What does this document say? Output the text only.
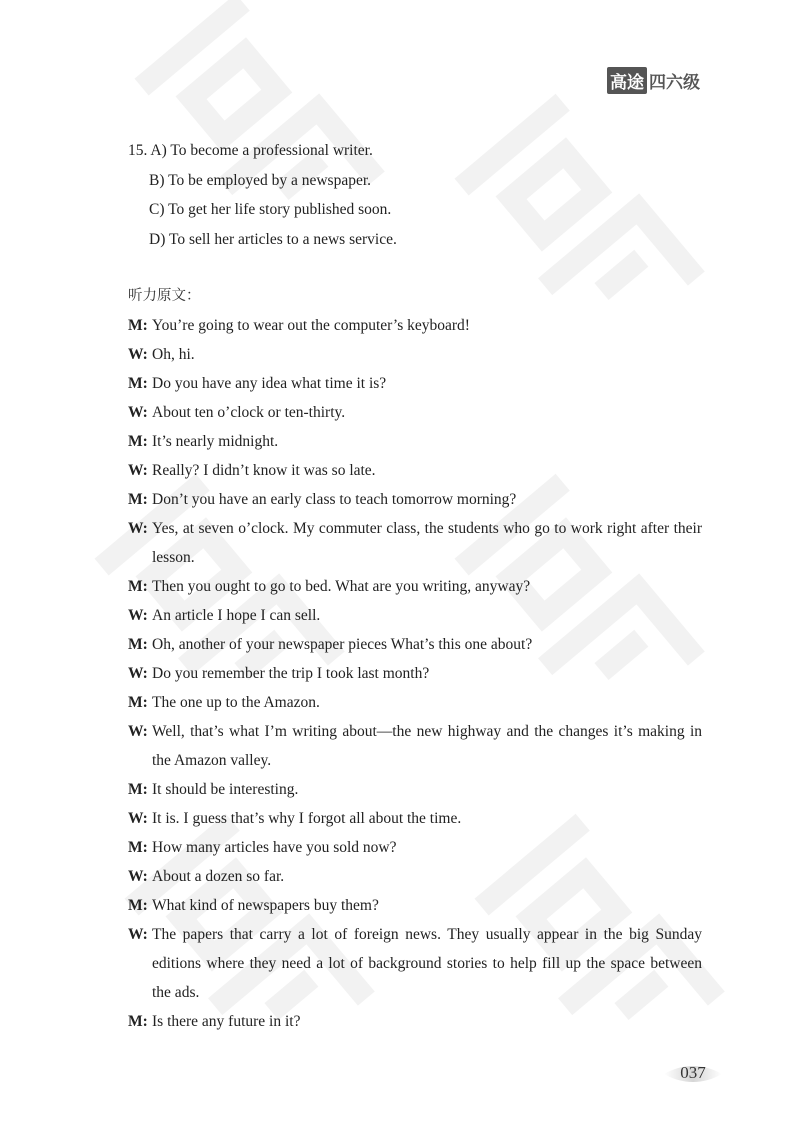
高途 四六级
15. A) To become a professional writer.
B) To be employed by a newspaper.
C) To get her life story published soon.
D) To sell her articles to a news service.
听力原文：
M: You’re going to wear out the computer’s keyboard!
W: Oh, hi.
M: Do you have any idea what time it is?
W: About ten o’clock or ten-thirty.
M: It’s nearly midnight.
W: Really? I didn’t know it was so late.
M: Don’t you have an early class to teach tomorrow morning?
W: Yes, at seven o’clock. My commuter class, the students who go to work right after their lesson.
M: Then you ought to go to bed. What are you writing, anyway?
W: An article I hope I can sell.
M: Oh, another of your newspaper pieces What’s this one about?
W: Do you remember the trip I took last month?
M: The one up to the Amazon.
W: Well, that’s what I’m writing about—the new highway and the changes it’s making in the Amazon valley.
M: It should be interesting.
W: It is. I guess that’s why I forgot all about the time.
M: How many articles have you sold now?
W: About a dozen so far.
M: What kind of newspapers buy them?
W: The papers that carry a lot of foreign news. They usually appear in the big Sunday editions where they need a lot of background stories to help fill up the space between the ads.
M: Is there any future in it?
037
